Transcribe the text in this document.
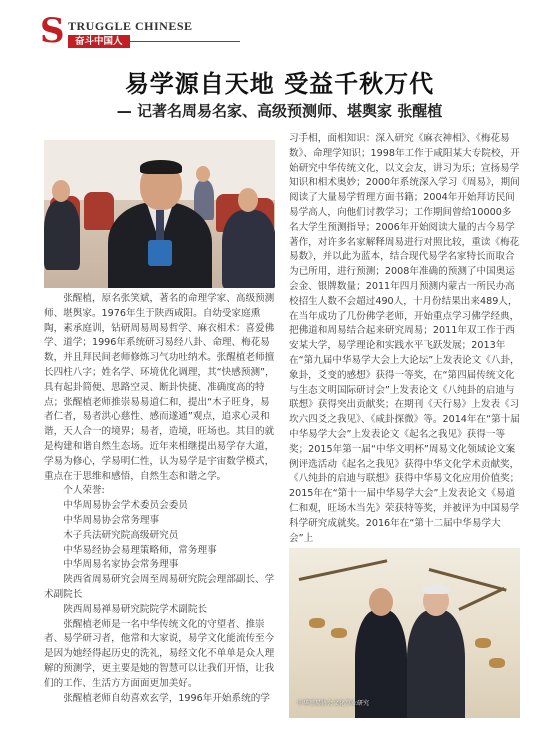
S TRUGGLE CHINESE
奋斗中国人
易学源自天地 受益千秋万代
— 记著名周易名家、高级预测师、堪舆家 张醒植

张醒植，原名张笑斌，著名的命理学家、高级预测师、堪舆家。1976年生于陕西咸阳。自幼受家庭熏陶，素承庭训，钻研周易周易哲学、麻衣相术：喜爱佛学、道学；1996年系统研习易经八卦、命理、梅花易数，并且拜民间老师修炼习气功吐纳术。张醒植老师擅长四柱八字；姓名学、环境优化调理，其“快感预测”，具有起卦简便、思路空灵、断卦快捷、准确度高的特点；张醒植老师推崇易易道仁和，提出“木子旺身，易者仁者，易者洪心慈性、感而遂通”观点，追求心灵和谐，天人合一的境界；易者，造境，旺场也。其目的就是构建和谐自然生态场。近年来相继提出易学存大道，学易为修心，学易明仁性，认为易学是宇宙数学模式，重点在于思维和感悟，自然生态和谐之学。

个人荣誉:

中华周易协会学术委员会委员

中华周易协会常务理事

木子兵法研究院高级研究员

中华易经协会易理策略师，常务理事

中华周易名家协会常务理事

陕西省周易研究会周至周易研究院会理部副长、学术副院长

陕西周易禅易研究院院学术副院长

张醒植老师是一名中华传统文化的守望者、推崇者、易学研习者，他常和大家说，易学文化能流传至今是因为她经得起历史的洗礼，易经文化不单单是众人理解的预测学，更主要是她的智慧可以让我们开悟，让我们的工作、生活方方面面更加美好。

张醒植老师自幼喜欢玄学，1996年开始系统的学

习手相，面相知识：深入研究《麻衣神相》、《梅花易数》、命理学知识；1998年工作于咸阳某大专院校，开始研究中华传统文化，以文会友，讲习为乐；宣扬易学知识和相术奥妙；2000年系统深入学习《周易》，期间阅读了大量易学哲理方面书籍；2004年开始拜访民间易学高人，向他们讨教学习；工作期间曾给10000多名大学生预测指导；2006年开始阅读大量的古今易学著作，对许多名家解释周易进行对照比较，重读《梅花易数》，并以此为蓝本，结合现代易学名家特长而取合为已所用，进行预测；2008年准确的预测了中国奥运会金、银牌数量；2011年四月预测内蒙古一所民办高校招生人数不会超过490人，十月份结果出来489人，在当年成功了几份佛学老师，开始重点学习佛学经典，把佛道和周易结合起来研究周易；2011年双工作于西安某大学，易学理论和实践水平飞跃发展；2013年在“第九届中华易学大会上大论坛”上发表论文《八卦，象卦，爻变的感想》获得一等奖，在“第四届传统文化与生态文明国际研讨会”上发表论文《八纯卦的启迪与联想》获得突出贡献奖；在期刊《天行易》上发表《习坎六四爻之我见》、《咸卦探微》等。2014年在“第十届中华易学大会”上发表论文《起名之我见》获得一等奖；2015年第一届“中华文明杯”周易文化领域论文案例评选活动《起名之我见》获得中华文化学术贡献奖，《八纯卦的启迪与联想》获得中华易文化应用价值奖；2015年在“第十一届中华易学大会”上发表论文《易道仁和观，旺场木当先》荣获特等奖，并被评为中国易学科学研究成就奖。2016年在“第十二届中华易学大会”上

中华周易协会文化事业研究
